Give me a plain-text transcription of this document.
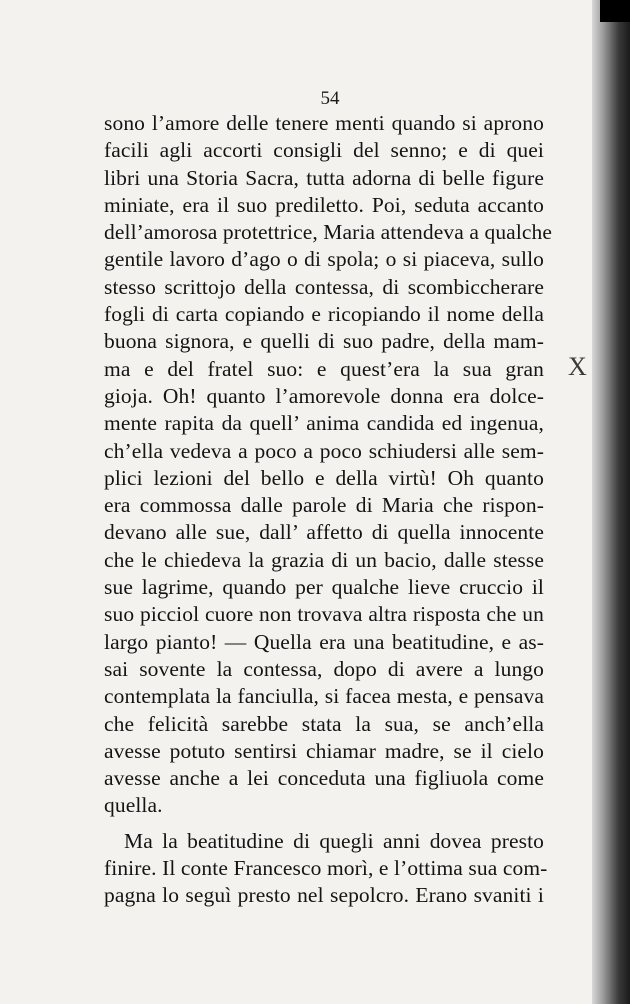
54
X
sono l’amore delle tenere menti quando si aprono
facili agli accorti consigli del senno; e di quei
libri una Storia Sacra, tutta adorna di belle figure
miniate, era il suo prediletto. Poi, seduta accanto
dell’amorosa protettrice, Maria attendeva a qualche
gentile lavoro d’ago o di spola; o si piaceva, sullo
stesso scrittojo della contessa, di scombiccherare
fogli di carta copiando e ricopiando il nome della
buona signora, e quelli di suo padre, della mam-
ma e del fratel suo: e quest’era la sua gran
gioja. Oh! quanto l’amorevole donna era dolce-
mente rapita da quell’ anima candida ed ingenua,
ch’ella vedeva a poco a poco schiudersi alle sem-
plici lezioni del bello e della virtù! Oh quanto
era commossa dalle parole di Maria che rispon-
devano alle sue, dall’ affetto di quella innocente
che le chiedeva la grazia di un bacio, dalle stesse
sue lagrime, quando per qualche lieve cruccio il
suo picciol cuore non trovava altra risposta che un
largo pianto! — Quella era una beatitudine, e as-
sai sovente la contessa, dopo di avere a lungo
contemplata la fanciulla, si facea mesta, e pensava
che felicità sarebbe stata la sua, se anch’ella
avesse potuto sentirsi chiamar madre, se il cielo
avesse anche a lei conceduta una figliuola come
quella.
Ma la beatitudine di quegli anni dovea presto
finire. Il conte Francesco morì, e l’ottima sua com-
pagna lo seguì presto nel sepolcro. Erano svaniti i
